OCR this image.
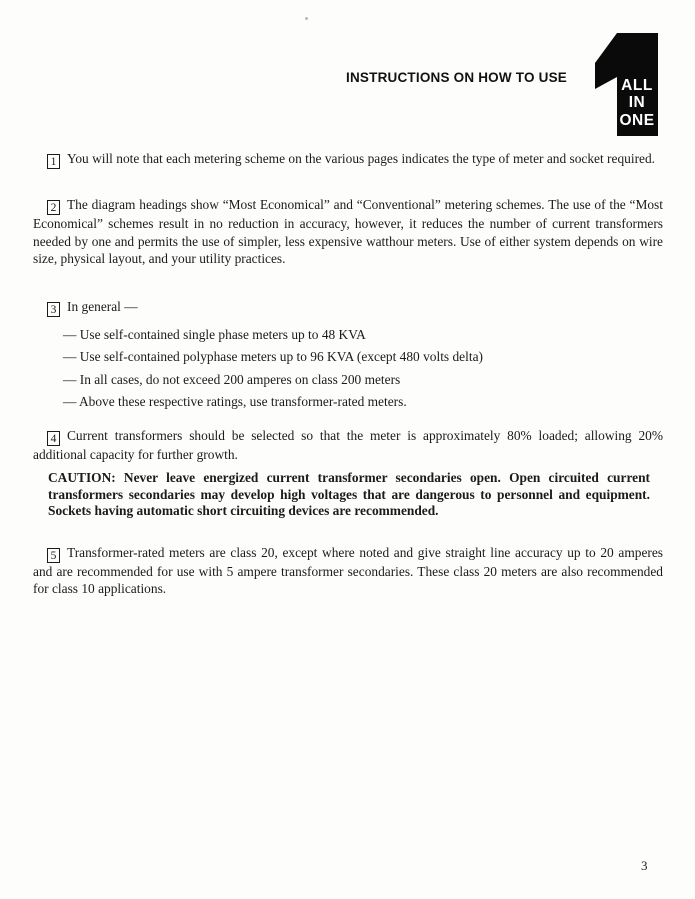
INSTRUCTIONS ON HOW TO USE	ALL
IN
ONE

1 You will note that each metering scheme on the various pages indicates the type of meter and socket required.

2 The diagram headings show “Most Economical” and “Conventional” metering schemes. The use of the “Most Economical” schemes result in no reduction in accuracy, however, it reduces the number of current transformers needed by one and permits the use of simpler, less expensive watthour meters. Use of either system depends on wire size, physical layout, and your utility practices.

3 In general —

— Use self-contained single phase meters up to 48 KVA

— Use self-contained polyphase meters up to 96 KVA (except 480 volts delta)

— In all cases, do not exceed 200 amperes on class 200 meters

— Above these respective ratings, use transformer-rated meters.

4 Current transformers should be selected so that the meter is approximately 80% loaded; allowing 20% additional capacity for further growth.

CAUTION: Never leave energized current transformer secondaries open. Open circuited current transformers secondaries may develop high voltages that are dangerous to personnel and equipment. Sockets having automatic short circuiting devices are recommended.

5 Transformer-rated meters are class 20, except where noted and give straight line accuracy up to 20 amperes and are recommended for use with 5 ampere transformer secondaries. These class 20 meters are also recommended for class 10 applications.

3
